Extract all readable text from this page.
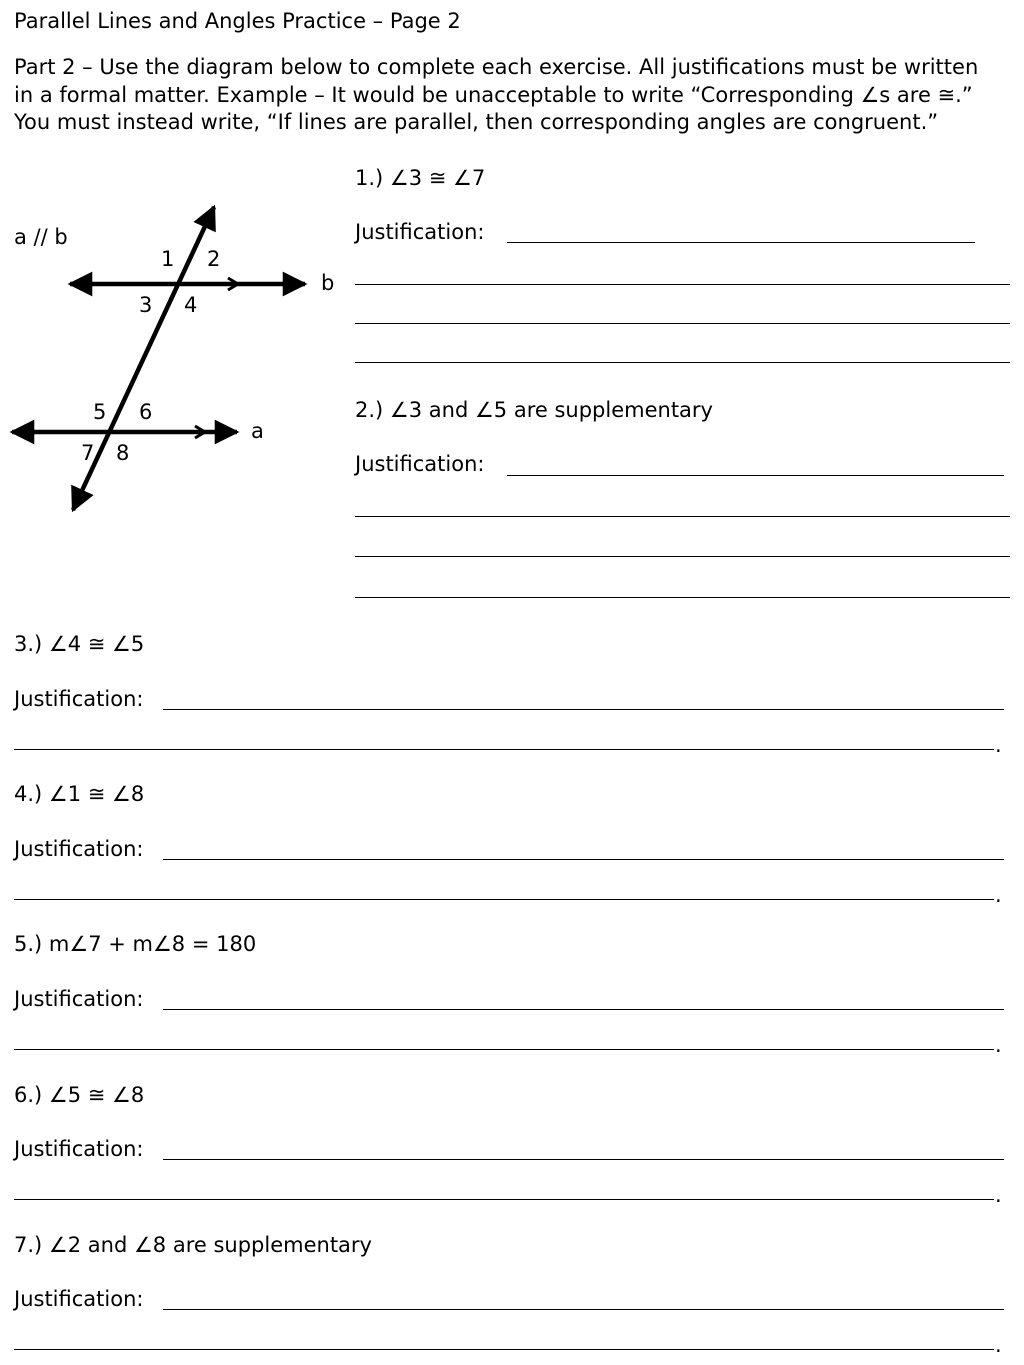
Parallel Lines and Angles Practice – Page 2
Part 2 – Use the diagram below to complete each exercise. All justifications must be written
in a formal matter. Example – It would be unacceptable to write “Corresponding ∠s are ≅.”
You must instead write, “If lines are parallel, then corresponding angles are congruent.”
a // b
b
a
1 2
3 4
5 6
7 8
1.) ∠3 ≅ ∠7
Justification:
2.) ∠3 and ∠5 are supplementary
Justification:
3.) ∠4 ≅ ∠5
Justification:
.
4.) ∠1 ≅ ∠8
Justification:
.
5.) m∠7 + m∠8 = 180
Justification:
.
6.) ∠5 ≅ ∠8
Justification:
.
7.) ∠2 and ∠8 are supplementary
Justification:
.
